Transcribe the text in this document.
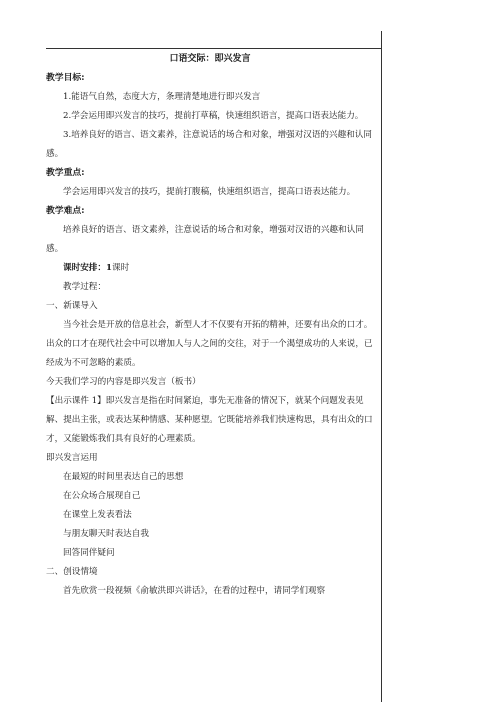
口语交际：即兴发言

教学目标:

1.能语气自然，态度大方，条理清楚地进行即兴发言

2.学会运用即兴发言的技巧，提前打草稿，快速组织语言，提高口语表达能力。

3.培养良好的语言、语文素养，注意说话的场合和对象，增强对汉语的兴趣和认同感。

教学重点:

学会运用即兴发言的技巧，提前打腹稿，快速组织语言，提高口语表达能力。

教学难点:

培养良好的语言、语文素养，注意说话的场合和对象，增强对汉语的兴趣和认同感。

课时安排：1课时

教学过程：

一、新课导入

当今社会是开放的信息社会，新型人才不仅要有开拓的精神，还要有出众的口才。出众的口才在现代社会中可以增加人与人之间的交往，对于一个渴望成功的人来说，已经成为不可忽略的素质。

今天我们学习的内容是即兴发言（板书）

【出示课件 1】即兴发言是指在时间紧迫，事先无准备的情况下，就某个问题发表见解、提出主张，或表达某种情感、某种愿望。它既能培养我们快速构思，具有出众的口才，又能锻炼我们具有良好的心理素质。

即兴发言运用

在最短的时间里表达自己的思想

在公众场合展现自己

在课堂上发表看法

与朋友聊天时表达自我

回答同伴疑问

二、创设情境

首先欣赏一段视频《俞敏洪即兴讲话》，在看的过程中，请同学们观察
